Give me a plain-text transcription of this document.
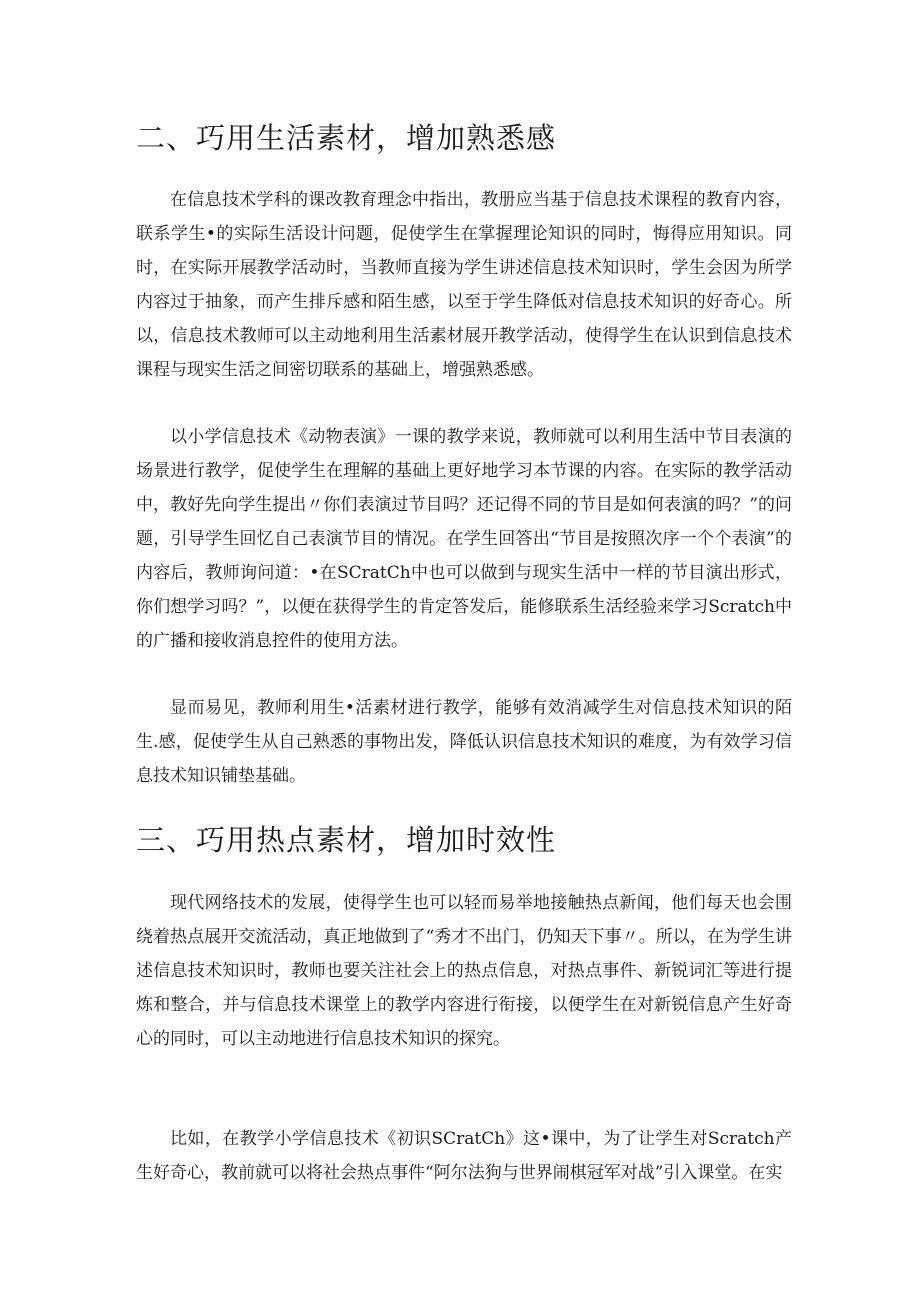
二、巧用生活素材，增加熟悉感

在信息技术学科的课改教育理念中指出，教册应当基于信息技术课程的教育内容，联系学生•的实际生活设计问题，促使学生在掌握理论知识的同时，悔得应用知识。同时，在实际开展教学活动时，当教师直接为学生讲述信息技术知识时，学生会因为所学内容过于抽象，而产生排斥感和陌生感，以至于学生降低对信息技术知识的好奇心。所以，信息技术教师可以主动地利用生活素材展开教学活动，使得学生在认识到信息技术课程与现实生活之间密切联系的基础上，增强熟悉感。

以小学信息技术《动物表演》一课的教学来说，教师就可以利用生活中节目表演的场景进行教学，促使学生在理解的基础上更好地学习本节课的内容。在实际的教学活动中，教好先向学生提出〃你们表演过节目吗？还记得不同的节目是如何表演的吗？”的问题，引导学生回忆自己表演节目的情况。在学生回答出“节目是按照次序一个个表演”的内容后，教师询问道：•在SCratCh中也可以做到与现实生活中一样的节目演出形式，你们想学习吗？”，以便在获得学生的肯定答发后，能修联系生活经验来学习Scratch中的广播和接收消息控件的使用方法。

显而易见，教师利用生•活素材进行教学，能够有效消减学生对信息技术知识的陌生.感，促使学生从自己熟悉的事物出发，降低认识信息技术知识的难度，为有效学习信息技术知识铺垫基础。

三、巧用热点素材，增加时效性

现代网络技术的发展，使得学生也可以轻而易举地接触热点新闻，他们每天也会围绕着热点展开交流活动，真正地做到了“秀才不出门，仍知天下事〃。所以，在为学生讲述信息技术知识时，教师也要关注社会上的热点信息，对热点事件、新锐词汇等进行提炼和整合，并与信息技术课堂上的教学内容进行衔接，以便学生在对新锐信息产生好奇心的同时，可以主动地进行信息技术知识的探究。

比如，在教学小学信息技术《初识SCratCh》这•课中，为了让学生对Scratch产生好奇心，教前就可以将社会热点事件“阿尔法狗与世界闹棋冠军对战”引入课堂。在实
